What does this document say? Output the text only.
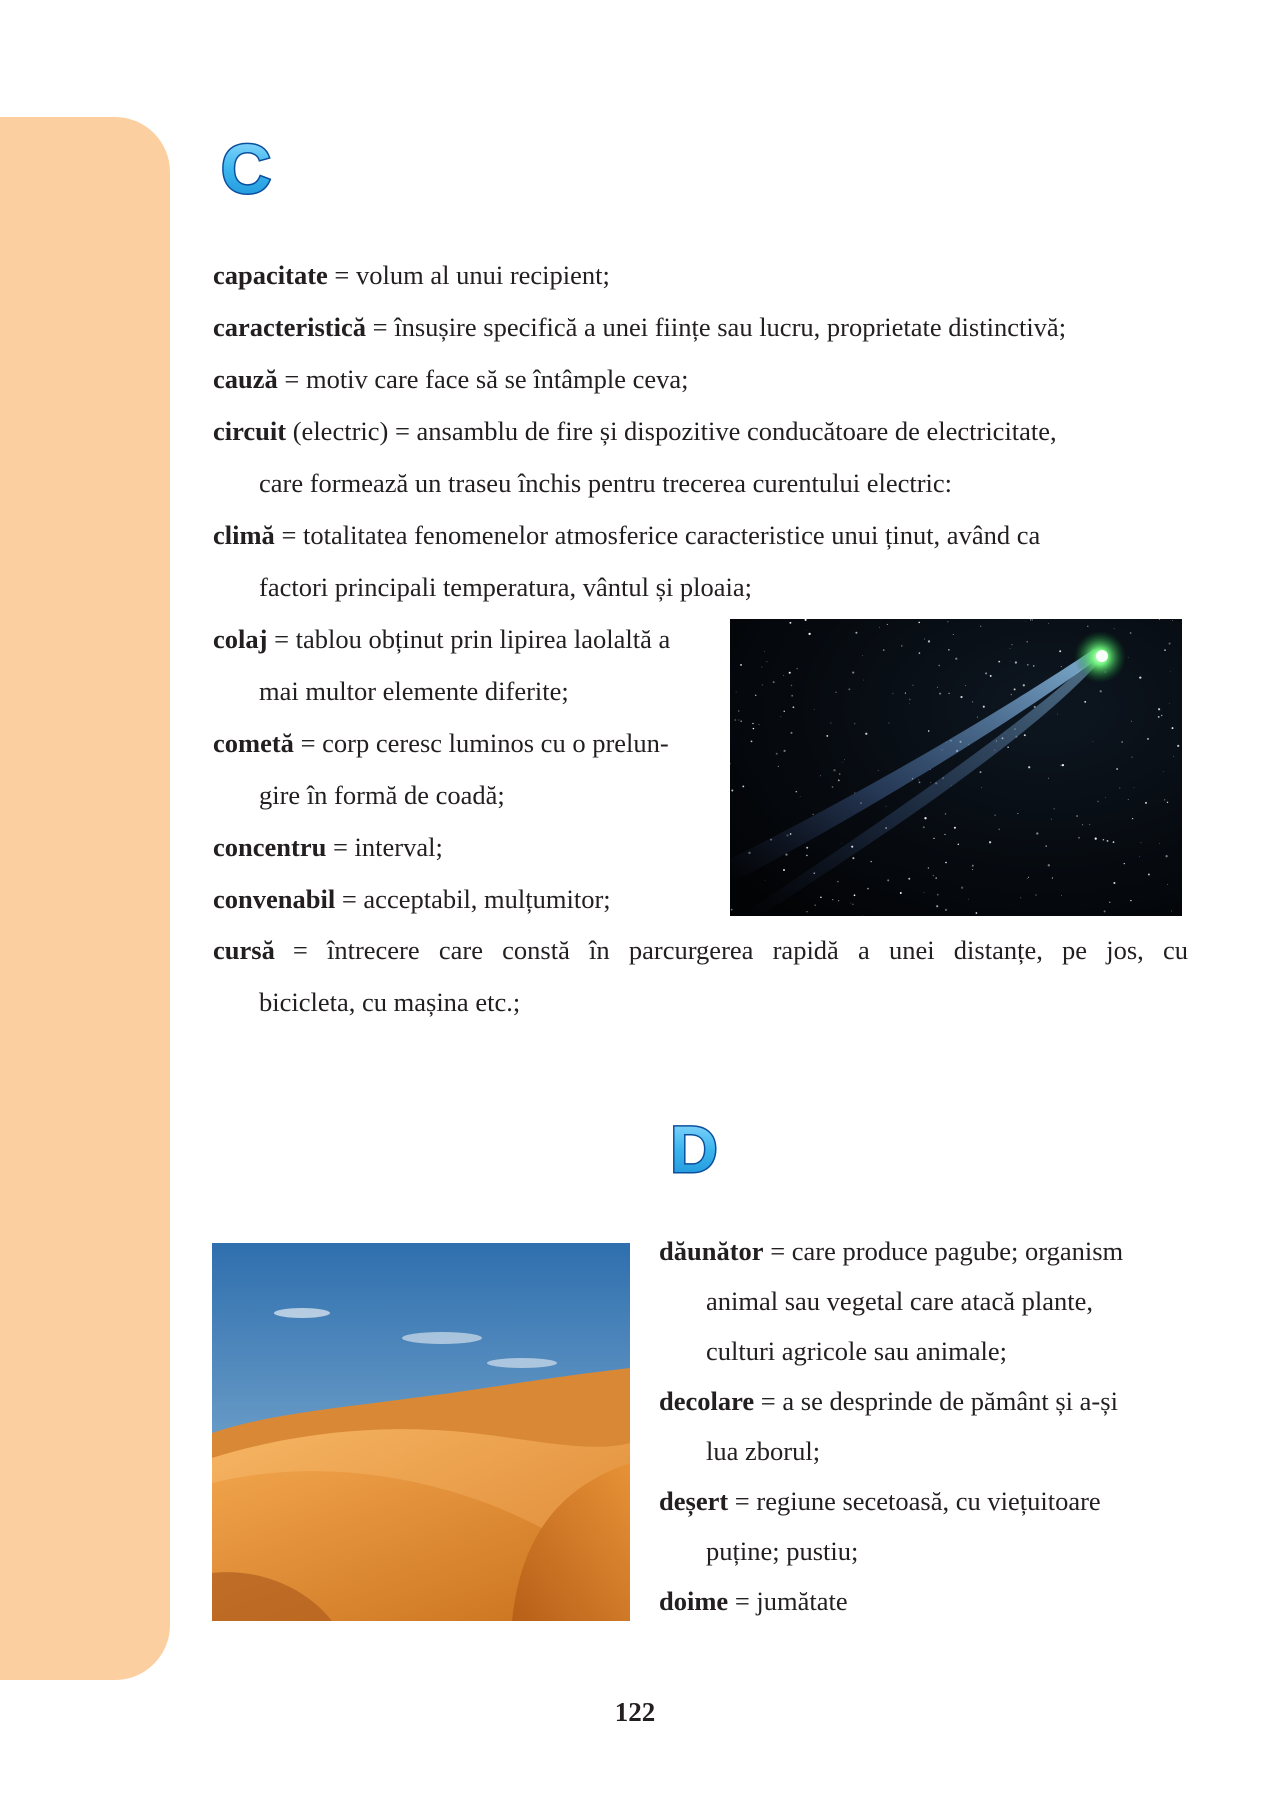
C
capacitate = volum al unui recipient;
caracteristică = însușire specifică a unei ființe sau lucru, proprietate distinctivă;
cauză = motiv care face să se întâmple ceva;
circuit (electric) = ansamblu de fire și dispozitive conducătoare de electricitate,
care formează un traseu închis pentru trecerea curentului electric:
climă = totalitatea fenomenelor atmosferice caracteristice unui ținut, având ca
factori principali temperatura, vântul și ploaia;
colaj = tablou obținut prin lipirea laolaltă a
mai multor elemente diferite;
cometă = corp ceresc luminos cu o prelun-
gire în formă de coadă;
concentru = interval;
convenabil = acceptabil, mulțumitor;
cursă = întrecere care constă în parcurgerea rapidă a unei distanțe, pe jos, cu
bicicleta, cu mașina etc.;
D
dăunător = care produce pagube; organism
animal sau vegetal care atacă plante,
culturi agricole sau animale;
decolare = a se desprinde de pământ și a-și
lua zborul;
deșert = regiune secetoasă, cu viețuitoare
puține; pustiu;
doime = jumătate
122
